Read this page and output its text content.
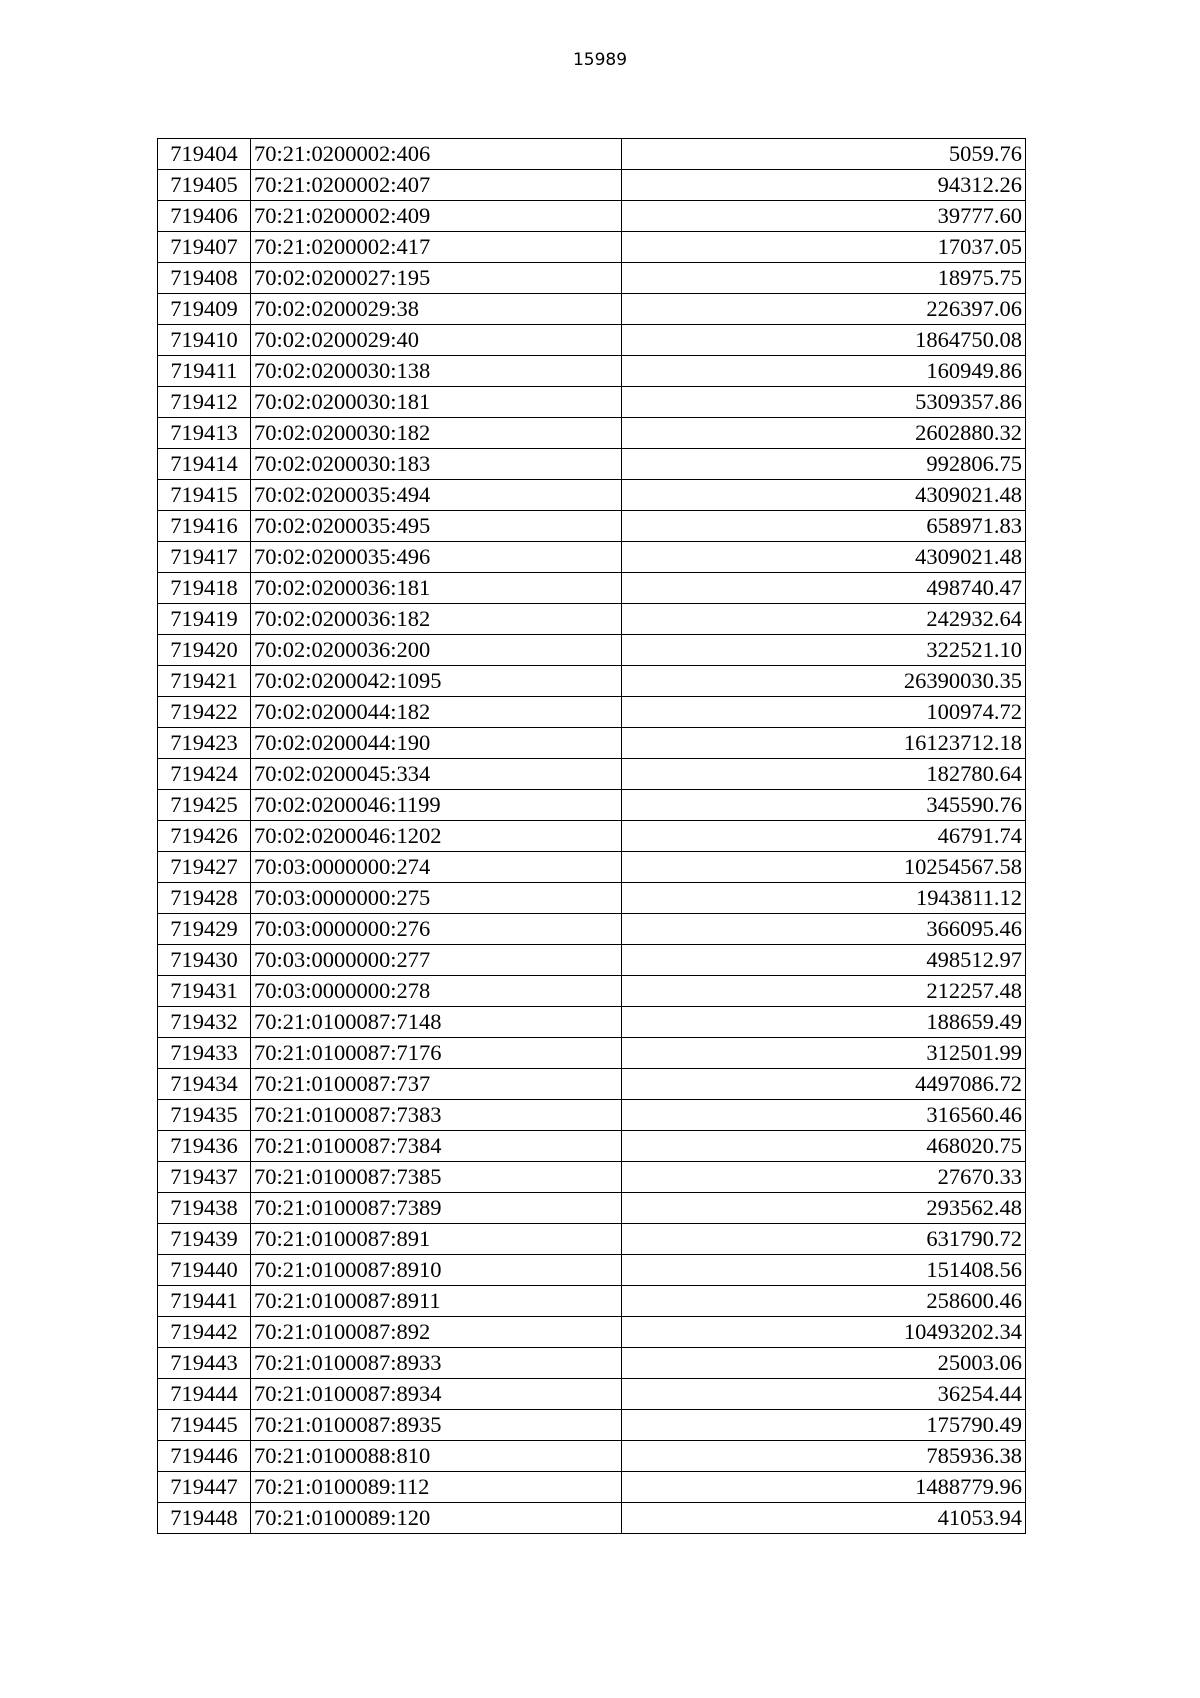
15989
719404	70:21:0200002:406	5059.76
719405	70:21:0200002:407	94312.26
719406	70:21:0200002:409	39777.60
719407	70:21:0200002:417	17037.05
719408	70:02:0200027:195	18975.75
719409	70:02:0200029:38	226397.06
719410	70:02:0200029:40	1864750.08
719411	70:02:0200030:138	160949.86
719412	70:02:0200030:181	5309357.86
719413	70:02:0200030:182	2602880.32
719414	70:02:0200030:183	992806.75
719415	70:02:0200035:494	4309021.48
719416	70:02:0200035:495	658971.83
719417	70:02:0200035:496	4309021.48
719418	70:02:0200036:181	498740.47
719419	70:02:0200036:182	242932.64
719420	70:02:0200036:200	322521.10
719421	70:02:0200042:1095	26390030.35
719422	70:02:0200044:182	100974.72
719423	70:02:0200044:190	16123712.18
719424	70:02:0200045:334	182780.64
719425	70:02:0200046:1199	345590.76
719426	70:02:0200046:1202	46791.74
719427	70:03:0000000:274	10254567.58
719428	70:03:0000000:275	1943811.12
719429	70:03:0000000:276	366095.46
719430	70:03:0000000:277	498512.97
719431	70:03:0000000:278	212257.48
719432	70:21:0100087:7148	188659.49
719433	70:21:0100087:7176	312501.99
719434	70:21:0100087:737	4497086.72
719435	70:21:0100087:7383	316560.46
719436	70:21:0100087:7384	468020.75
719437	70:21:0100087:7385	27670.33
719438	70:21:0100087:7389	293562.48
719439	70:21:0100087:891	631790.72
719440	70:21:0100087:8910	151408.56
719441	70:21:0100087:8911	258600.46
719442	70:21:0100087:892	10493202.34
719443	70:21:0100087:8933	25003.06
719444	70:21:0100087:8934	36254.44
719445	70:21:0100087:8935	175790.49
719446	70:21:0100088:810	785936.38
719447	70:21:0100089:112	1488779.96
719448	70:21:0100089:120	41053.94
